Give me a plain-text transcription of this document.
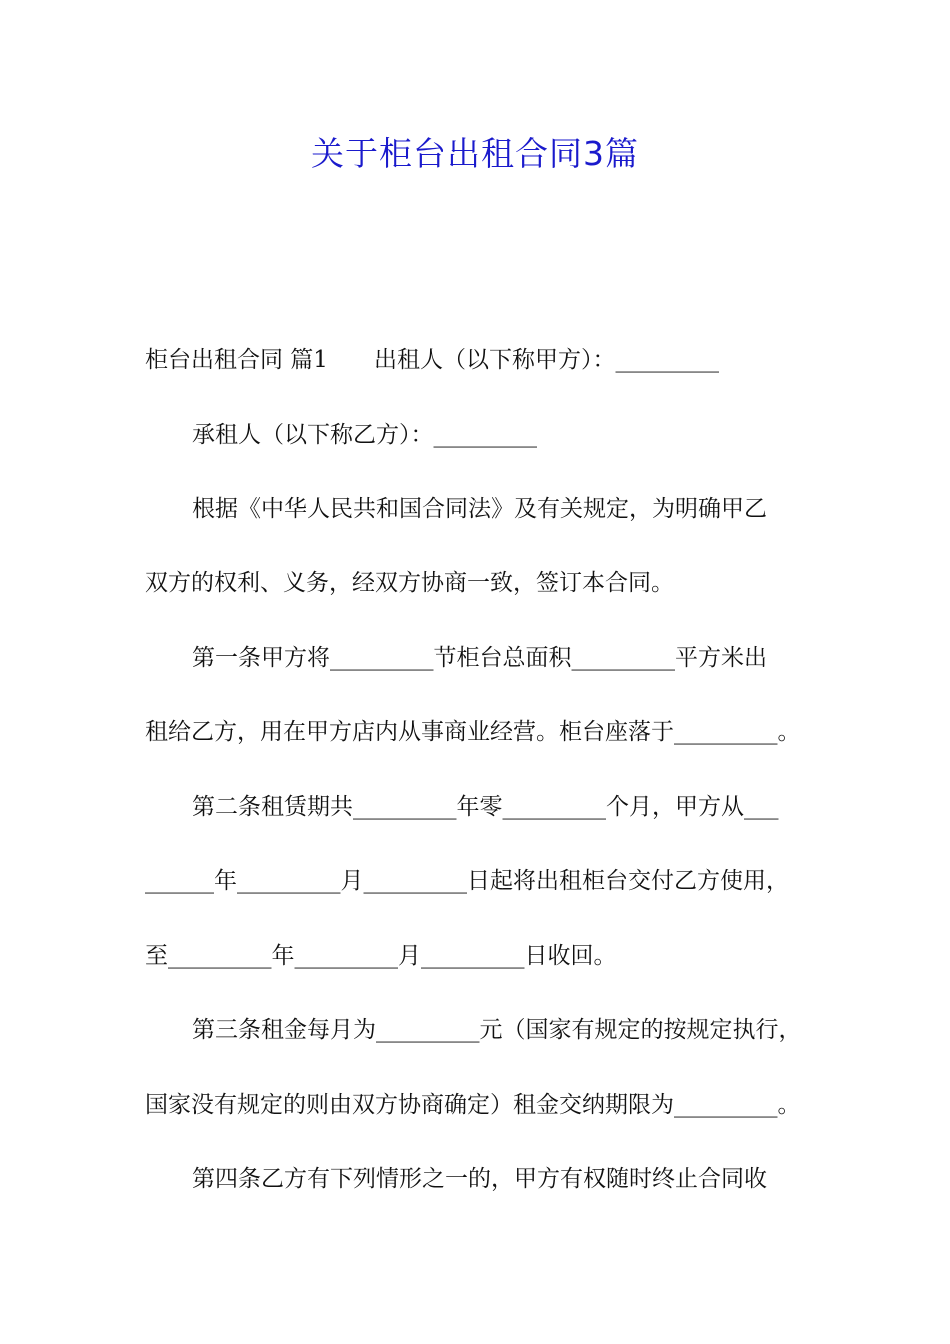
关于柜台出租合同3篇
柜台出租合同 篇1　　出租人（以下称甲方）：_________
承租人（以下称乙方）：_________
根据《中华人民共和国合同法》及有关规定，为明确甲乙
双方的权利、义务，经双方协商一致，签订本合同。
第一条甲方将_________节柜台总面积_________平方米出
租给乙方，用在甲方店内从事商业经营。柜台座落于_________。
第二条租赁期共_________年零_________个月，甲方从___
______年_________月_________日起将出租柜台交付乙方使用，
至_________年_________月_________日收回。
第三条租金每月为_________元（国家有规定的按规定执行，
国家没有规定的则由双方协商确定）租金交纳期限为_________。
第四条乙方有下列情形之一的，甲方有权随时终止合同收
